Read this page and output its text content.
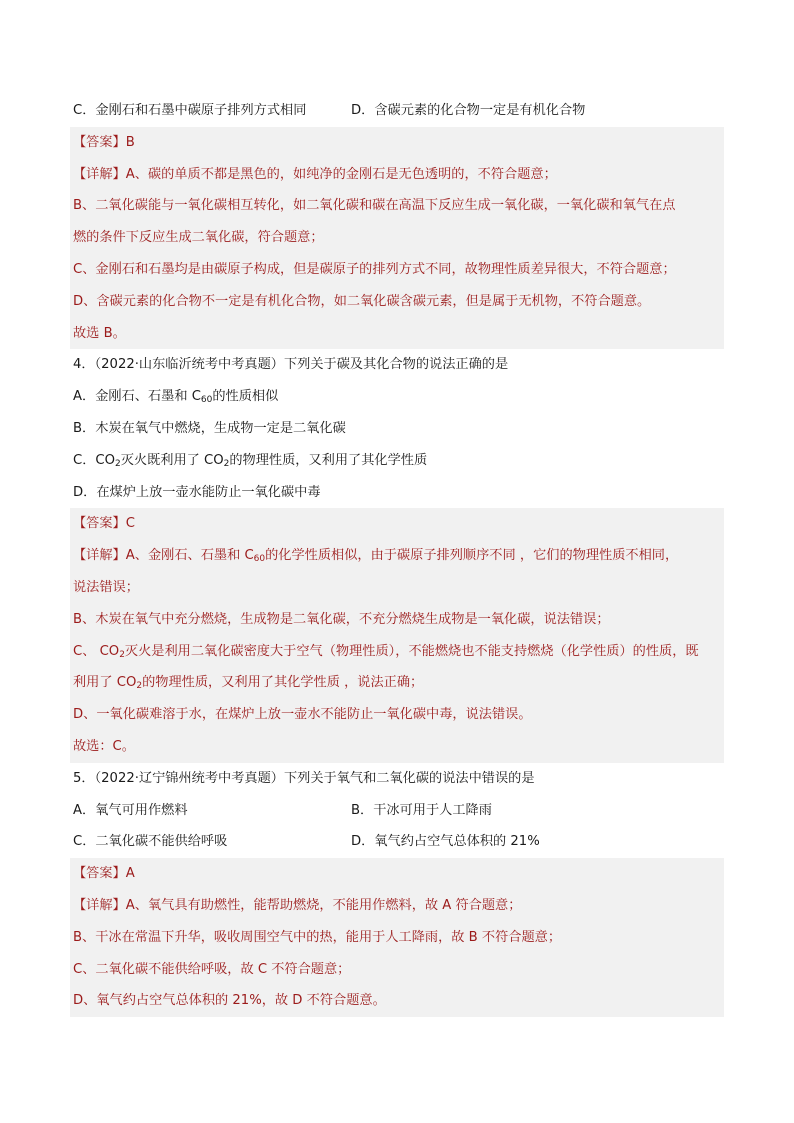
C．金刚石和石墨中碳原子排列方式相同	D．含碳元素的化合物一定是有机化合物
【答案】B
【详解】A、碳的单质不都是黑色的，如纯净的金刚石是无色透明的，不符合题意；
B、二氧化碳能与一氧化碳相互转化，如二氧化碳和碳在高温下反应生成一氧化碳，一氧化碳和氧气在点
燃的条件下反应生成二氧化碳，符合题意；
C、金刚石和石墨均是由碳原子构成，但是碳原子的排列方式不同，故物理性质差异很大，不符合题意；
D、含碳元素的化合物不一定是有机化合物，如二氧化碳含碳元素，但是属于无机物，不符合题意。
故选 B。
4．（2022·山东临沂统考中考真题）下列关于碳及其化合物的说法正确的是
A．金刚石、石墨和 $C_{60}$的性质相似
B．木炭在氧气中燃烧，生成物一定是二氧化碳
C．$CO_2$灭火既利用了 $CO_2$的物理性质，又利用了其化学性质
D．在煤炉上放一壶水能防止一氧化碳中毒
【答案】C
【详解】A、金刚石、石墨和 $C_{60}$的化学性质相似，由于碳原子排列顺序不同 ，它们的物理性质不相同，
说法错误；
B、木炭在氧气中充分燃烧，生成物是二氧化碳，不充分燃烧生成物是一氧化碳，说法错误；
C、 $CO_2$灭火是利用二氧化碳密度大于空气（物理性质），不能燃烧也不能支持燃烧（化学性质）的性质，既
利用了 $CO_2$的物理性质，又利用了其化学性质 ，说法正确；
D、一氧化碳难溶于水，在煤炉上放一壶水不能防止一氧化碳中毒，说法错误。
故选：C。
5．（2022·辽宁锦州统考中考真题）下列关于氧气和二氧化碳的说法中错误的是
A．氧气可用作燃料	B．干冰可用于人工降雨
C．二氧化碳不能供给呼吸	D．氧气约占空气总体积的 21%
【答案】A
【详解】A、氧气具有助燃性，能帮助燃烧，不能用作燃料，故 A 符合题意；
B、干冰在常温下升华，吸收周围空气中的热，能用于人工降雨，故 B 不符合题意；
C、二氧化碳不能供给呼吸，故 C 不符合题意；
D、氧气约占空气总体积的 21%，故 D 不符合题意。
